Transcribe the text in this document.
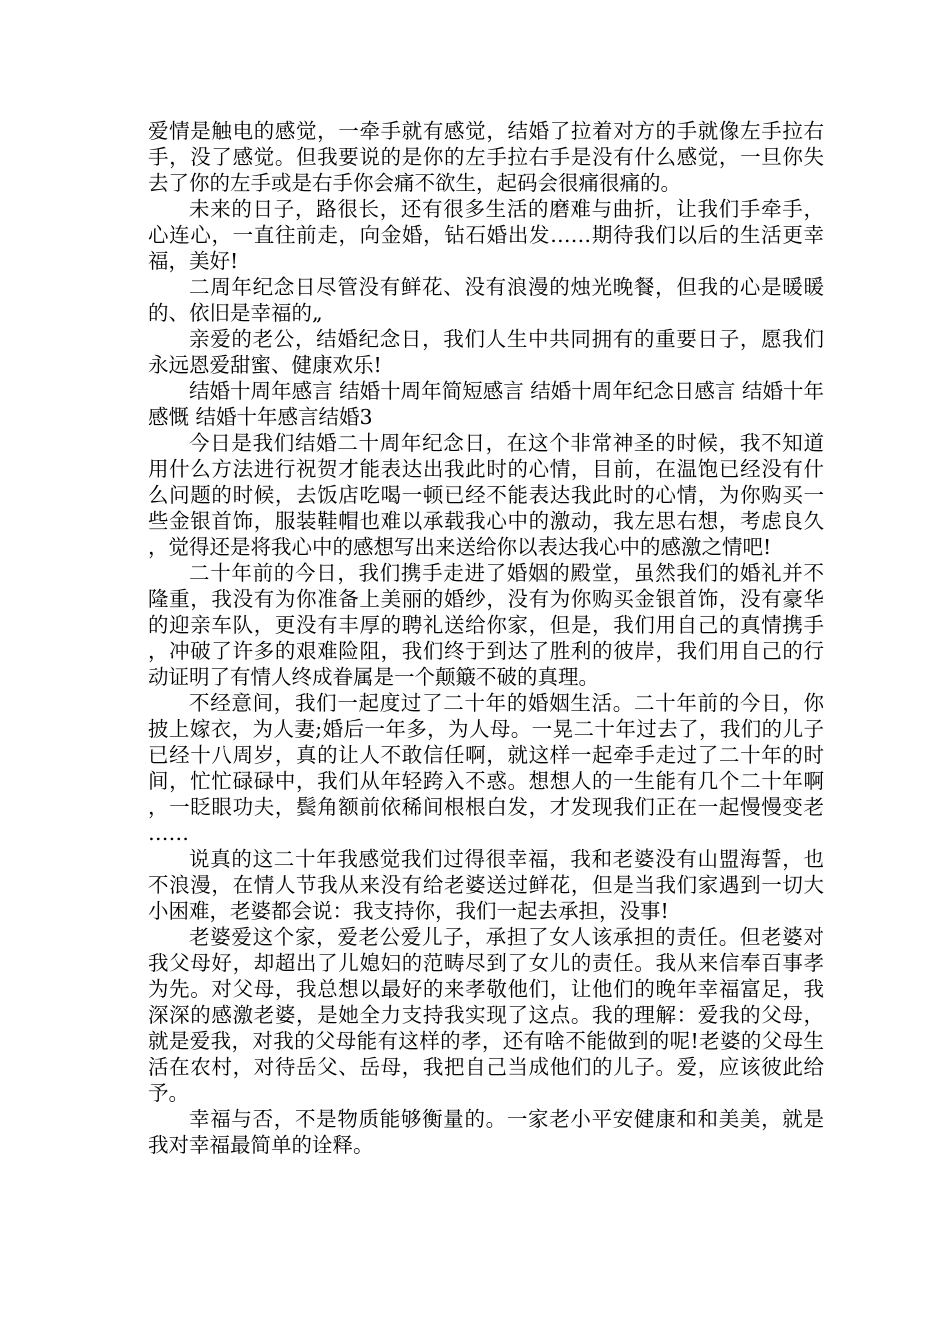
爱情是触电的感觉，一牵手就有感觉，结婚了拉着对方的手就像左手拉右手，没了感觉。但我要说的是你的左手拉右手是没有什么感觉，一旦你失去了你的左手或是右手你会痛不欲生，起码会很痛很痛的。

未来的日子，路很长，还有很多生活的磨难与曲折，让我们手牵手，心连心，一直往前走，向金婚，钻石婚出发……期待我们以后的生活更幸福，美好!

二周年纪念日尽管没有鲜花、没有浪漫的烛光晚餐，但我的心是暖暖的、依旧是幸福的„

亲爱的老公，结婚纪念日，我们人生中共同拥有的重要日子，愿我们永远恩爱甜蜜、健康欢乐!

结婚十周年感言 结婚十周年简短感言 结婚十周年纪念日感言 结婚十年感慨 结婚十年感言结婚3

今日是我们结婚二十周年纪念日，在这个非常神圣的时候，我不知道用什么方法进行祝贺才能表达出我此时的心情，目前，在温饱已经没有什么问题的时候，去饭店吃喝一顿已经不能表达我此时的心情，为你购买一些金银首饰，服装鞋帽也难以承载我心中的激动，我左思右想，考虑良久，觉得还是将我心中的感想写出来送给你以表达我心中的感激之情吧!

二十年前的今日，我们携手走进了婚姻的殿堂，虽然我们的婚礼并不隆重，我没有为你准备上美丽的婚纱，没有为你购买金银首饰，没有豪华的迎亲车队，更没有丰厚的聘礼送给你家，但是，我们用自己的真情携手，冲破了许多的艰难险阻，我们终于到达了胜利的彼岸，我们用自己的行动证明了有情人终成眷属是一个颠簸不破的真理。

不经意间，我们一起度过了二十年的婚姻生活。二十年前的今日，你披上嫁衣，为人妻;婚后一年多，为人母。一晃二十年过去了，我们的儿子已经十八周岁，真的让人不敢信任啊，就这样一起牵手走过了二十年的时间，忙忙碌碌中，我们从年轻跨入不惑。想想人的一生能有几个二十年啊，一眨眼功夫，鬓角额前依稀间根根白发，才发现我们正在一起慢慢变老……

说真的这二十年我感觉我们过得很幸福，我和老婆没有山盟海誓，也不浪漫，在情人节我从来没有给老婆送过鲜花，但是当我们家遇到一切大小困难，老婆都会说：我支持你，我们一起去承担，没事!

老婆爱这个家，爱老公爱儿子，承担了女人该承担的责任。但老婆对我父母好，却超出了儿媳妇的范畴尽到了女儿的责任。我从来信奉百事孝为先。对父母，我总想以最好的来孝敬他们，让他们的晚年幸福富足，我深深的感激老婆，是她全力支持我实现了这点。我的理解：爱我的父母，就是爱我，对我的父母能有这样的孝，还有啥不能做到的呢!老婆的父母生活在农村，对待岳父、岳母，我把自己当成他们的儿子。爱，应该彼此给予。

幸福与否，不是物质能够衡量的。一家老小平安健康和和美美，就是我对幸福最简单的诠释。
